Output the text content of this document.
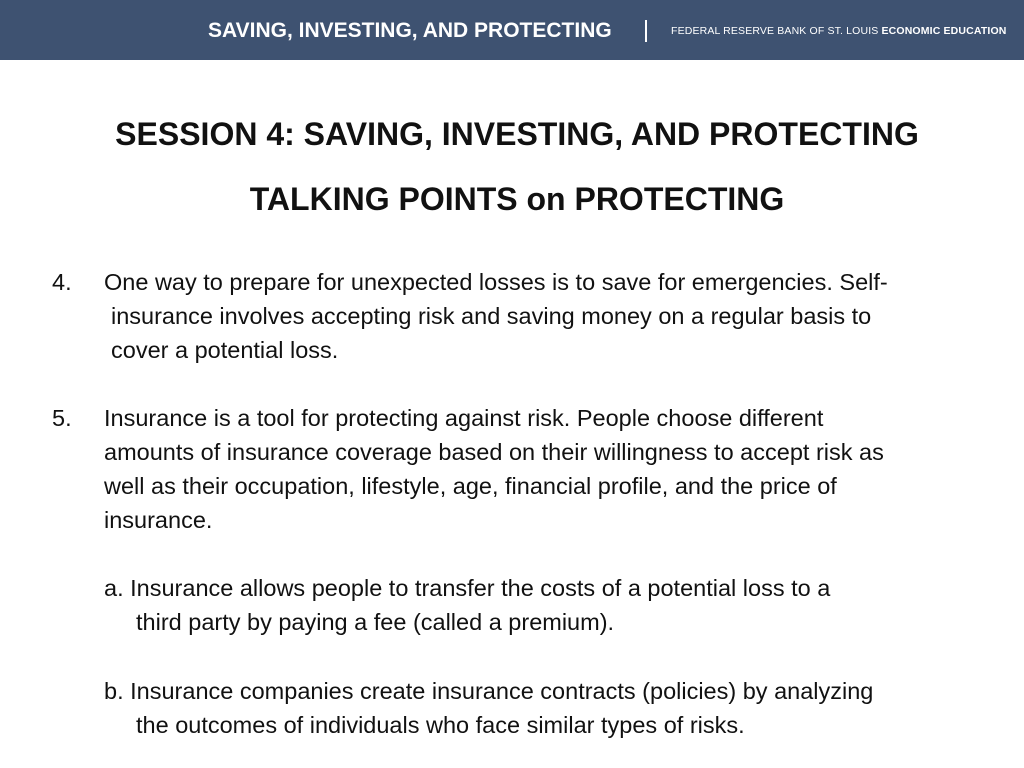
SAVING, INVESTING, AND PROTECTING	FEDERAL RESERVE BANK OF ST. LOUIS ECONOMIC EDUCATION
SESSION 4: SAVING, INVESTING, AND PROTECTING
TALKING POINTS on PROTECTING
4. One way to prepare for unexpected losses is to save for emergencies. Self-
insurance involves accepting risk and saving money on a regular basis to
cover a potential loss.
5. Insurance is a tool for protecting against risk. People choose different
amounts of insurance coverage based on their willingness to accept risk as
well as their occupation, lifestyle, age, financial profile, and the price of
insurance.
a. Insurance allows people to transfer the costs of a potential loss to a
third party by paying a fee (called a premium).
b. Insurance companies create insurance contracts (policies) by analyzing
the outcomes of individuals who face similar types of risks.
